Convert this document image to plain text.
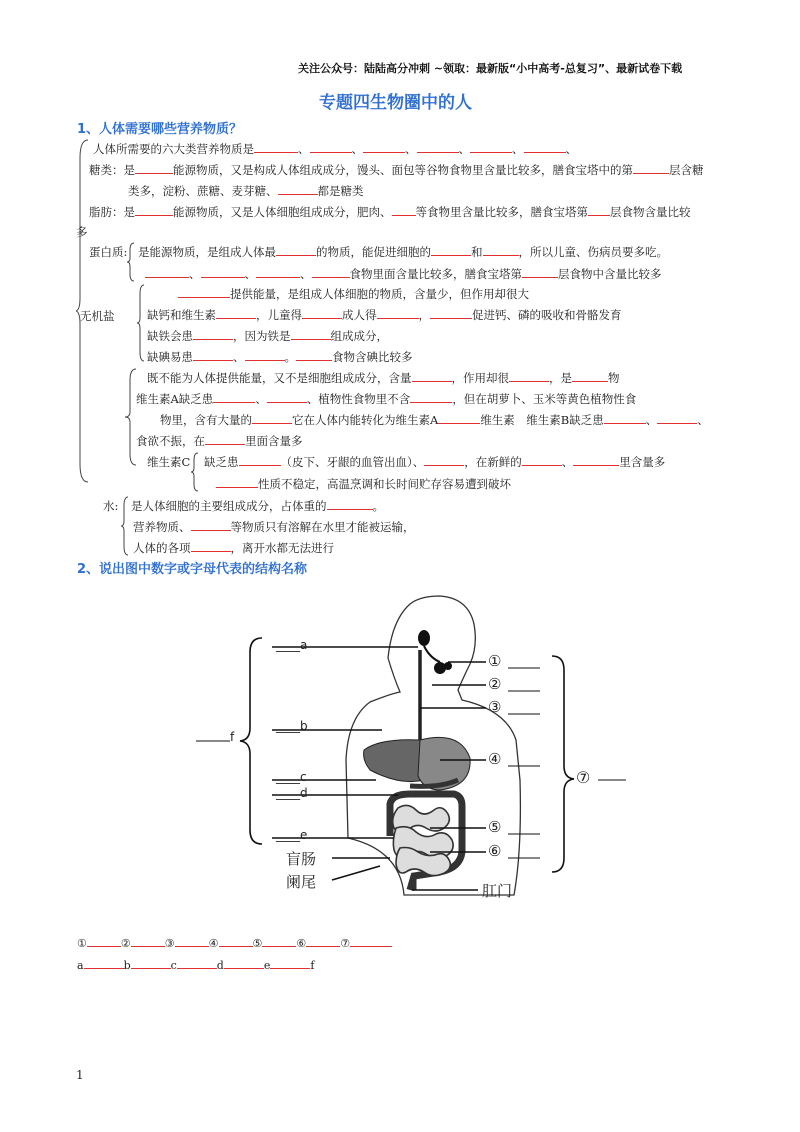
关注公众号：陆陆高分冲刺 ~领取：最新版“小中高考-总复习”、最新试卷下载
专题四生物圈中的人
1、人体需要哪些营养物质？
人体所需要的六大类营养物质是	、	、	、	、	、	、
糖类：是	能源物质，又是构成人体组成成分，馒头、面包等谷物食物里含量比较多，膳食宝塔中的第	层含糖
类多，淀粉、蔗糖、麦芽糖、	都是糖类
脂肪：是	能源物质，又是人体细胞组成成分，肥肉、 等食物里含量比较多，膳食宝塔第 层食物含量比较
多
蛋白质: 是能源物质，是组成人体最	的物质，能促进细胞的	和	，所以儿童、伤病员要多吃。
、	、	、	食物里面含量比较多，膳食宝塔第	层食物中含量比较多
无机盐
提供能量，是组成人体细胞的物质，含量少，但作用却很大
缺钙和维生素	，儿童得	成人得	，	促进钙、磷的吸收和骨骼发育
缺铁会患	，因为铁是	组成成分，
缺碘易患	、	。	食物含碘比较多
既不能为人体提供能量，又不是细胞组成成分，含量	，作用却很	，是	物
维生素A缺乏患	、	、植物性食物里不含	，但在胡萝卜、玉米等黄色植物性食
物里，含有大量的	它在人体内能转化为维生素A	维生素　维生素B缺乏患	、	、
食欲不振，在	里面含量多
维生素C 缺乏患	（皮下、牙龈的血管出血）、	，在新鲜的	、	里含量多
性质不稳定，高温烹调和长时间贮存容易遭到破坏
水: 是人体细胞的主要组成成分，占体重的	。
营养物质、	等物质只有溶解在水里才能被运输，
人体的各项	，离开水都无法进行
2、说出图中数字或字母代表的结构名称
____a
____b
____c
____d
____e
f
①
②
③
④
⑤
⑥
⑦
盲肠
阑尾	肛门
①	②	③	④	⑤	⑥	⑦
a	b	c	d	e	f
1
